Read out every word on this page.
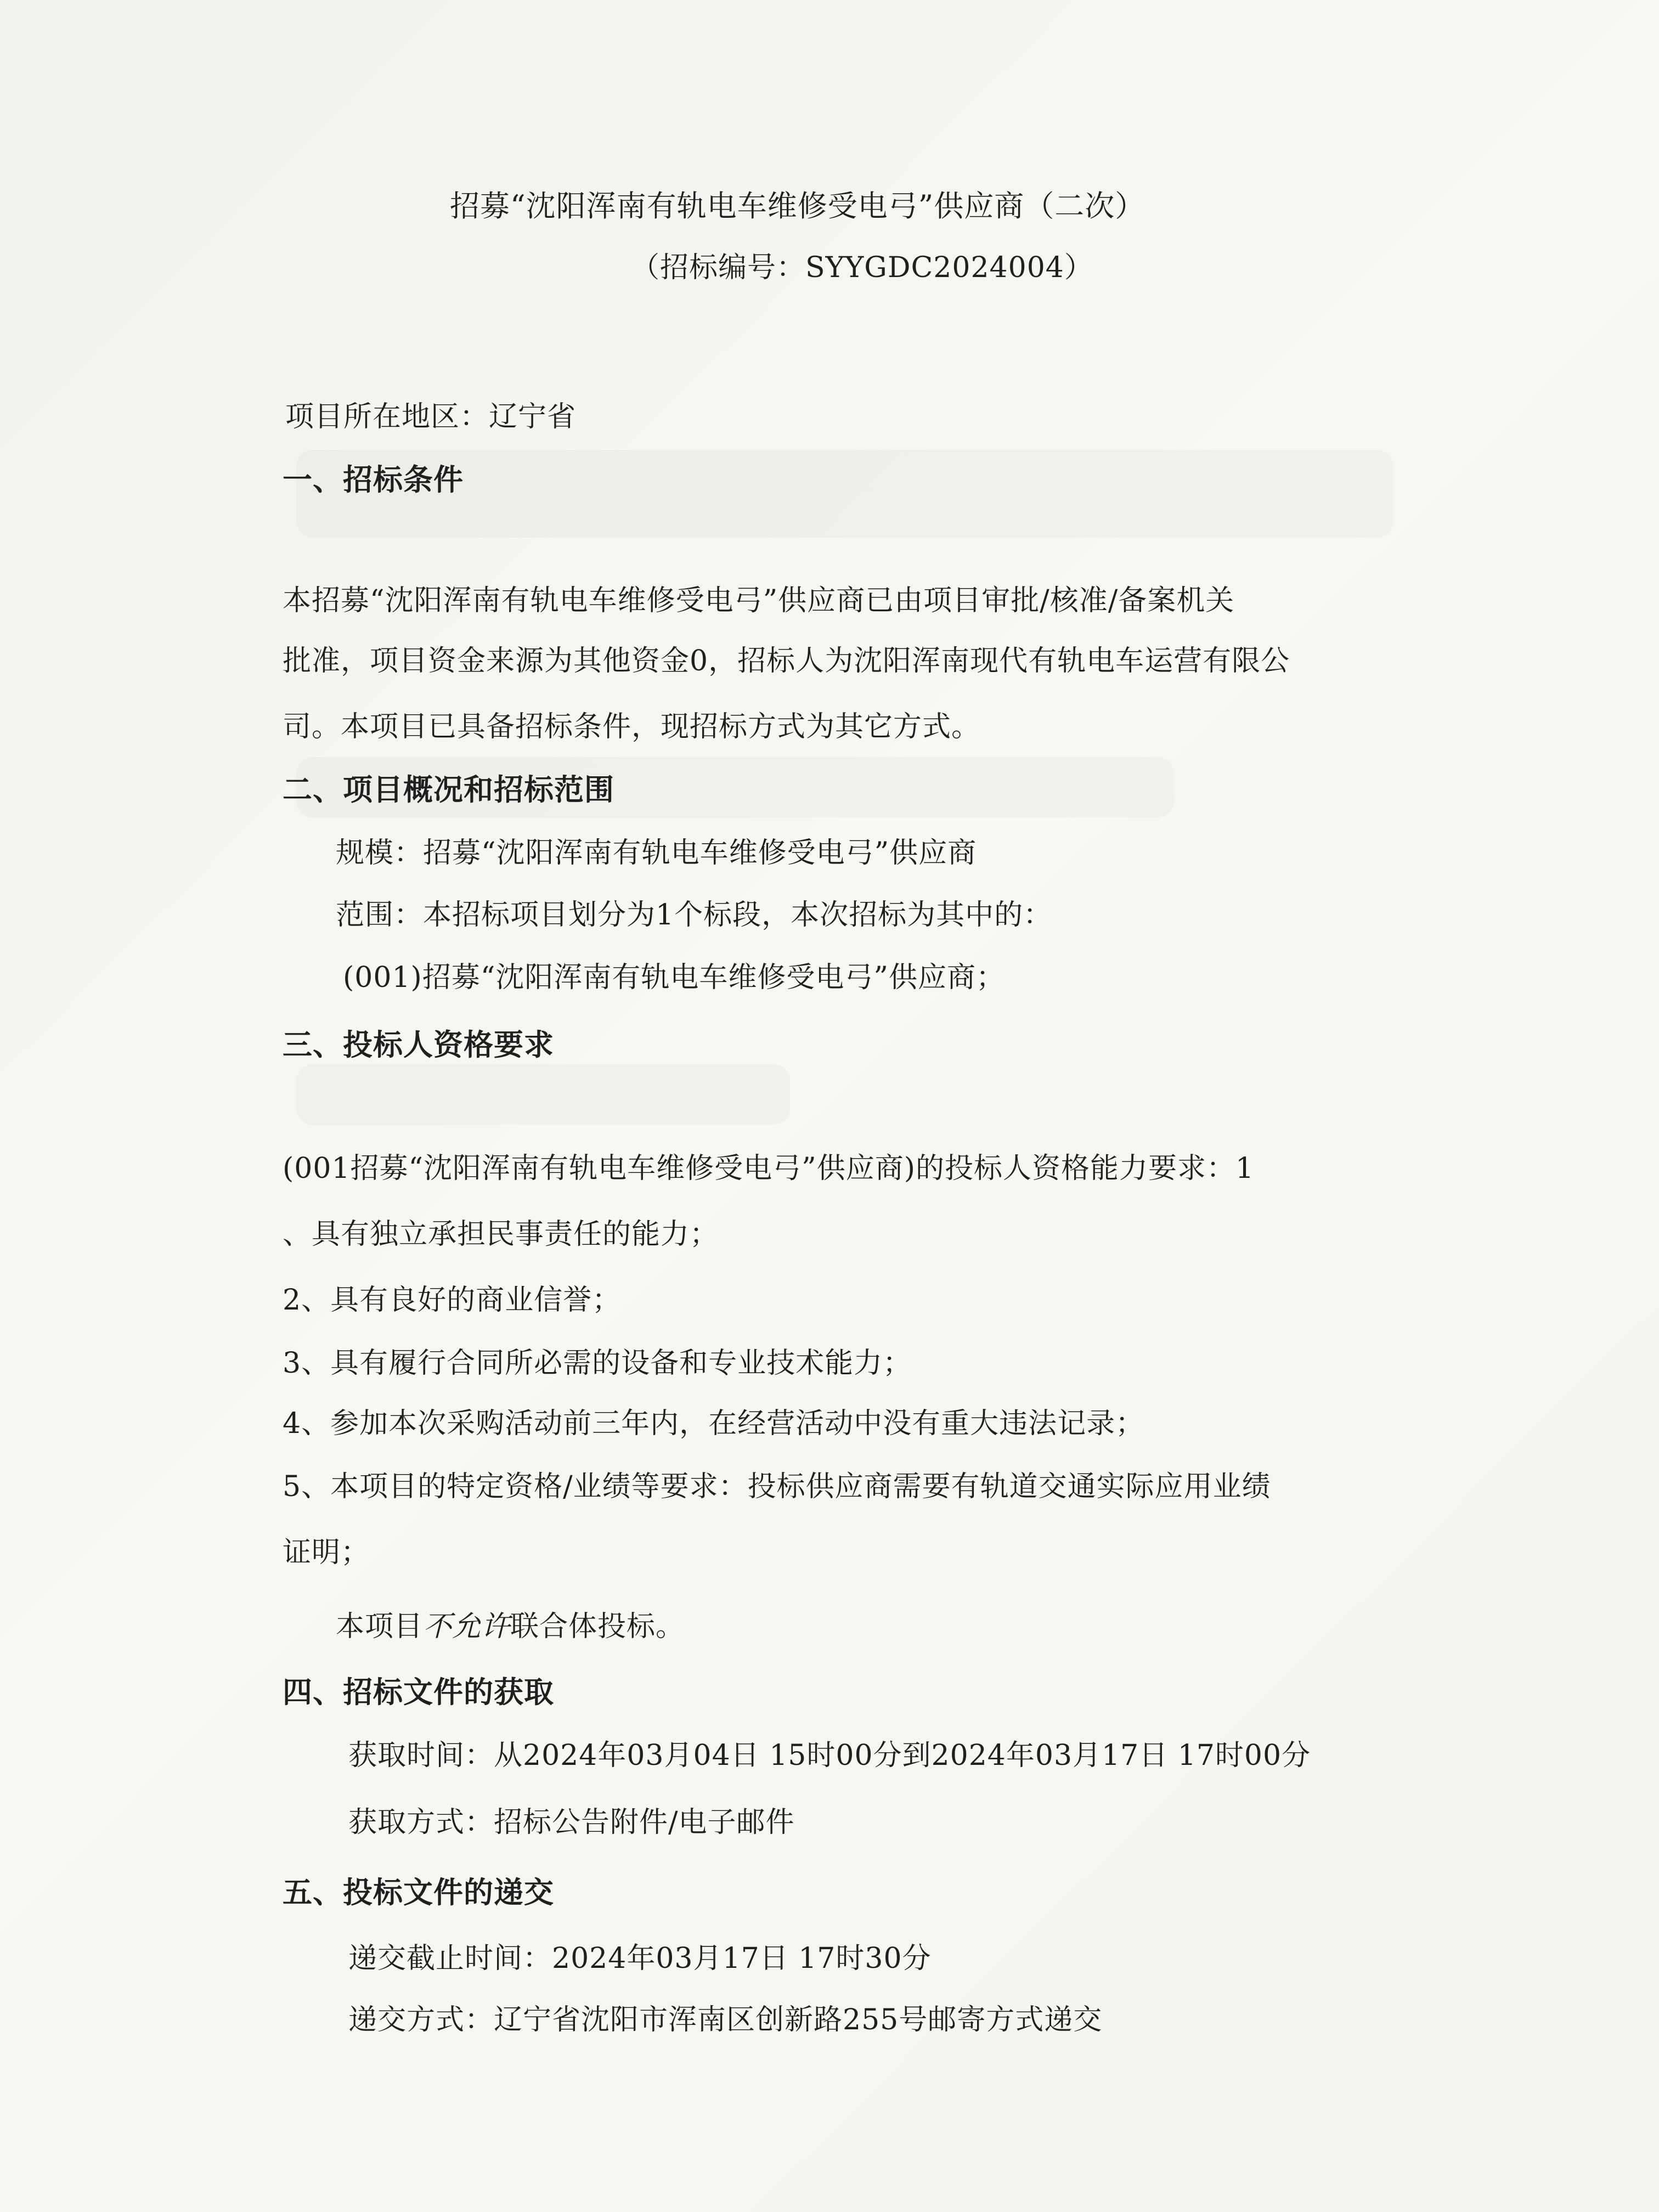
招募“沈阳浑南有轨电车维修受电弓”供应商（二次）
（招标编号：SYYGDC2024004）
项目所在地区：辽宁省
一、招标条件
本招募“沈阳浑南有轨电车维修受电弓”供应商已由项目审批/核准/备案机关
批准，项目资金来源为其他资金0，招标人为沈阳浑南现代有轨电车运营有限公
司。本项目已具备招标条件，现招标方式为其它方式。
二、项目概况和招标范围
规模：招募“沈阳浑南有轨电车维修受电弓”供应商
范围：本招标项目划分为1个标段，本次招标为其中的：
(001)招募“沈阳浑南有轨电车维修受电弓”供应商；
三、投标人资格要求
(001招募“沈阳浑南有轨电车维修受电弓”供应商)的投标人资格能力要求：1
、具有独立承担民事责任的能力；
2、具有良好的商业信誉；
3、具有履行合同所必需的设备和专业技术能力；
4、参加本次采购活动前三年内，在经营活动中没有重大违法记录；
5、本项目的特定资格/业绩等要求：投标供应商需要有轨道交通实际应用业绩
证明；
本项目不允许联合体投标。
四、招标文件的获取
获取时间：从2024年03月04日 15时00分到2024年03月17日 17时00分
获取方式：招标公告附件/电子邮件
五、投标文件的递交
递交截止时间：2024年03月17日 17时30分
递交方式：辽宁省沈阳市浑南区创新路255号邮寄方式递交
